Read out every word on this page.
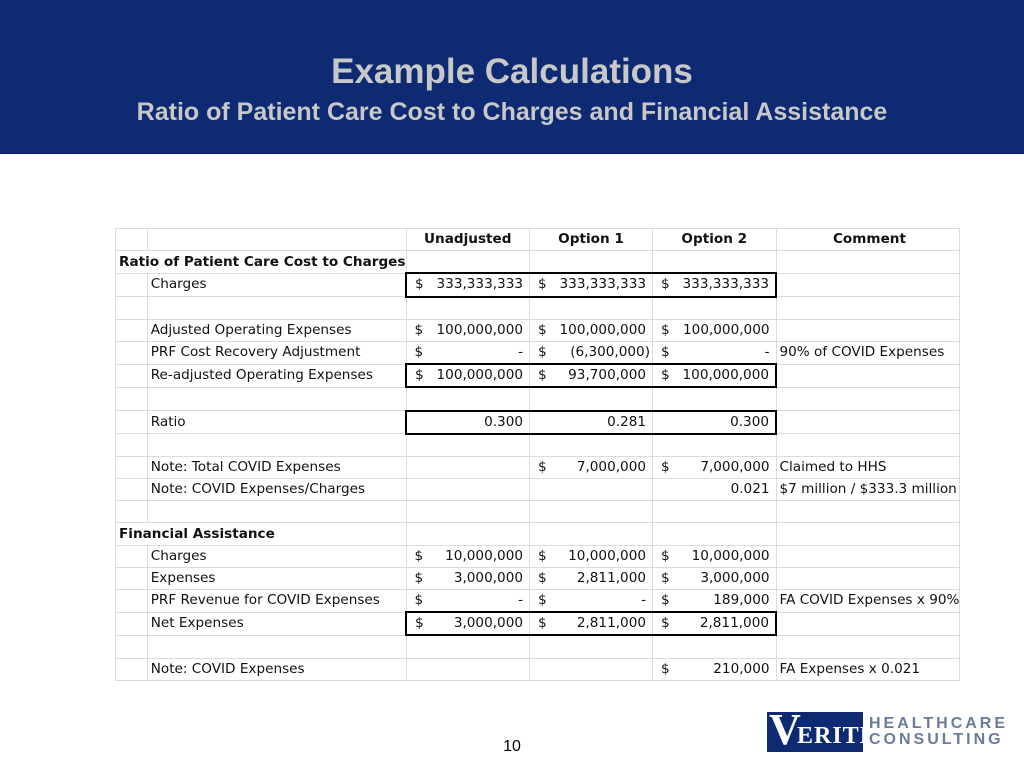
Example Calculations
Ratio of Patient Care Cost to Charges and Financial Assistance
		Unadjusted	Option 1	Option 2	Comment
Ratio of Patient Care Cost to Charges					
	Charges	$ 333,333,333	$ 333,333,333	$ 333,333,333	

	Adjusted Operating Expenses	$ 100,000,000	$ 100,000,000	$ 100,000,000	

	PRF Cost Recovery Adjustment	$ -	$ (6,300,000)	$ -	90% of COVID Expenses
	Re-adjusted Operating Expenses	$ 100,000,000	$ 93,700,000	$ 100,000,000	

	Ratio	0.300	0.281	0.300	

	Note: Total COVID Expenses		$ 7,000,000	$ 7,000,000	Claimed to HHS
	Note: COVID Expenses/Charges			0.021	$7 million / $333.3 million

Financial Assistance					
	Charges	$ 10,000,000	$ 10,000,000	$ 10,000,000	

	Expenses	$ 3,000,000	$ 2,811,000	$ 3,000,000	

	PRF Revenue for COVID Expenses	$ -	$ -	$ 189,000	FA COVID Expenses x 90%
	Net Expenses	$ 3,000,000	$ 2,811,000	$ 2,811,000	

	Note: COVID Expenses			$ 210,000	FA Expenses x 0.021
10	V
ERITÉ
HEALTHCARE
CONSULTING
